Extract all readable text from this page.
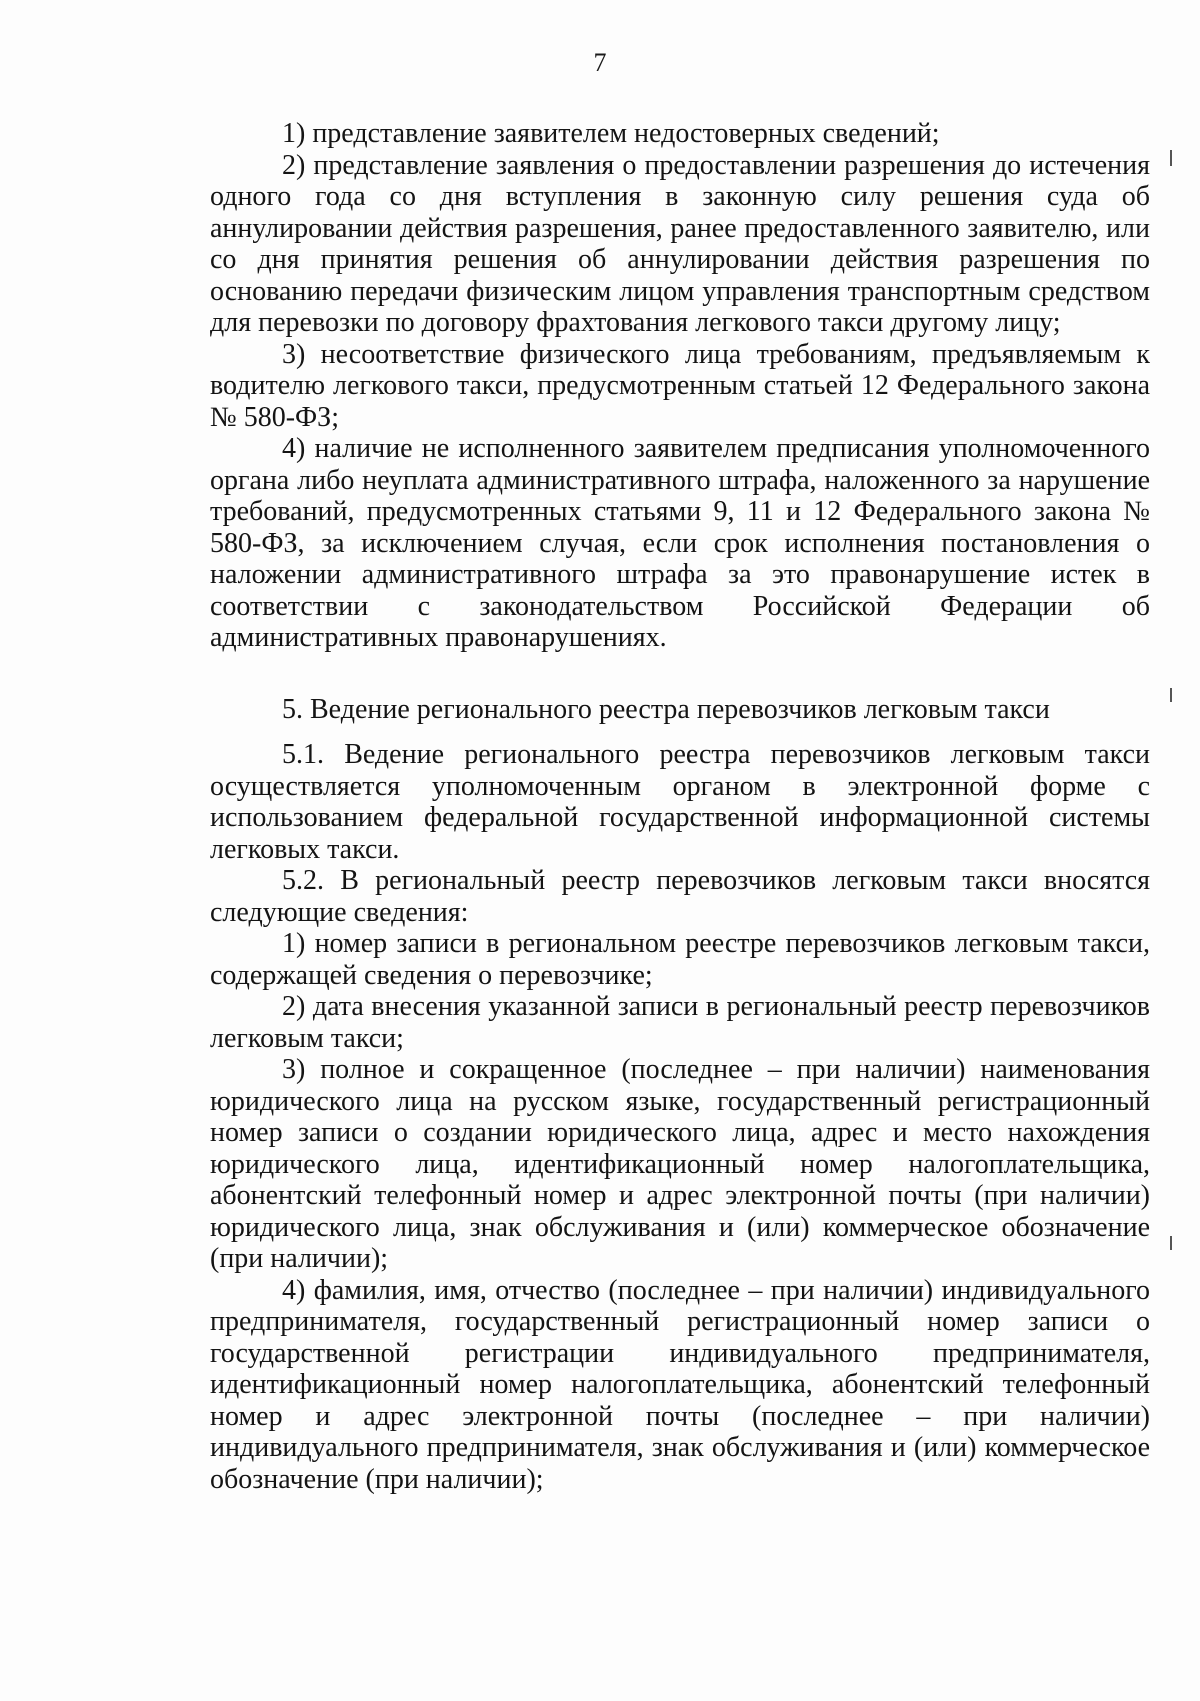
7

1) представление заявителем недостоверных сведений;

2) представление заявления о предоставлении разрешения до истечения одного года со дня вступления в законную силу решения суда об аннулировании действия разрешения, ранее предоставленного заявителю, или со дня принятия решения об аннулировании действия разрешения по основанию передачи физическим лицом управления транспортным средством для перевозки по договору фрахтования легкового такси другому лицу;

3) несоответствие физического лица требованиям, предъявляемым к водителю легкового такси, предусмотренным статьей 12 Федерального закона № 580-ФЗ;

4) наличие не исполненного заявителем предписания уполномоченного органа либо неуплата административного штрафа, наложенного за нарушение требований, предусмотренных статьями 9, 11 и 12 Федерального закона № 580-ФЗ, за исключением случая, если срок исполнения постановления о наложении административного штрафа за это правонарушение истек в соответствии с законодательством Российской Федерации об административных правонарушениях.

5. Ведение регионального реестра перевозчиков легковым такси

5.1. Ведение регионального реестра перевозчиков легковым такси осуществляется уполномоченным органом в электронной форме с использованием федеральной государственной информационной системы легковых такси.

5.2. В региональный реестр перевозчиков легковым такси вносятся следующие сведения:

1) номер записи в региональном реестре перевозчиков легковым такси, содержащей сведения о перевозчике;

2) дата внесения указанной записи в региональный реестр перевозчиков легковым такси;

3) полное и сокращенное (последнее – при наличии) наименования юридического лица на русском языке, государственный регистрационный номер записи о создании юридического лица, адрес и место нахождения юридического лица, идентификационный номер налогоплательщика, абонентский телефонный номер и адрес электронной почты (при наличии) юридического лица, знак обслуживания и (или) коммерческое обозначение (при наличии);

4) фамилия, имя, отчество (последнее – при наличии) индивидуального предпринимателя, государственный регистрационный номер записи о государственной регистрации индивидуального предпринимателя, идентификационный номер налогоплательщика, абонентский телефонный номер и адрес электронной почты (последнее – при наличии) индивидуального предпринимателя, знак обслуживания и (или) коммерческое обозначение (при наличии);
